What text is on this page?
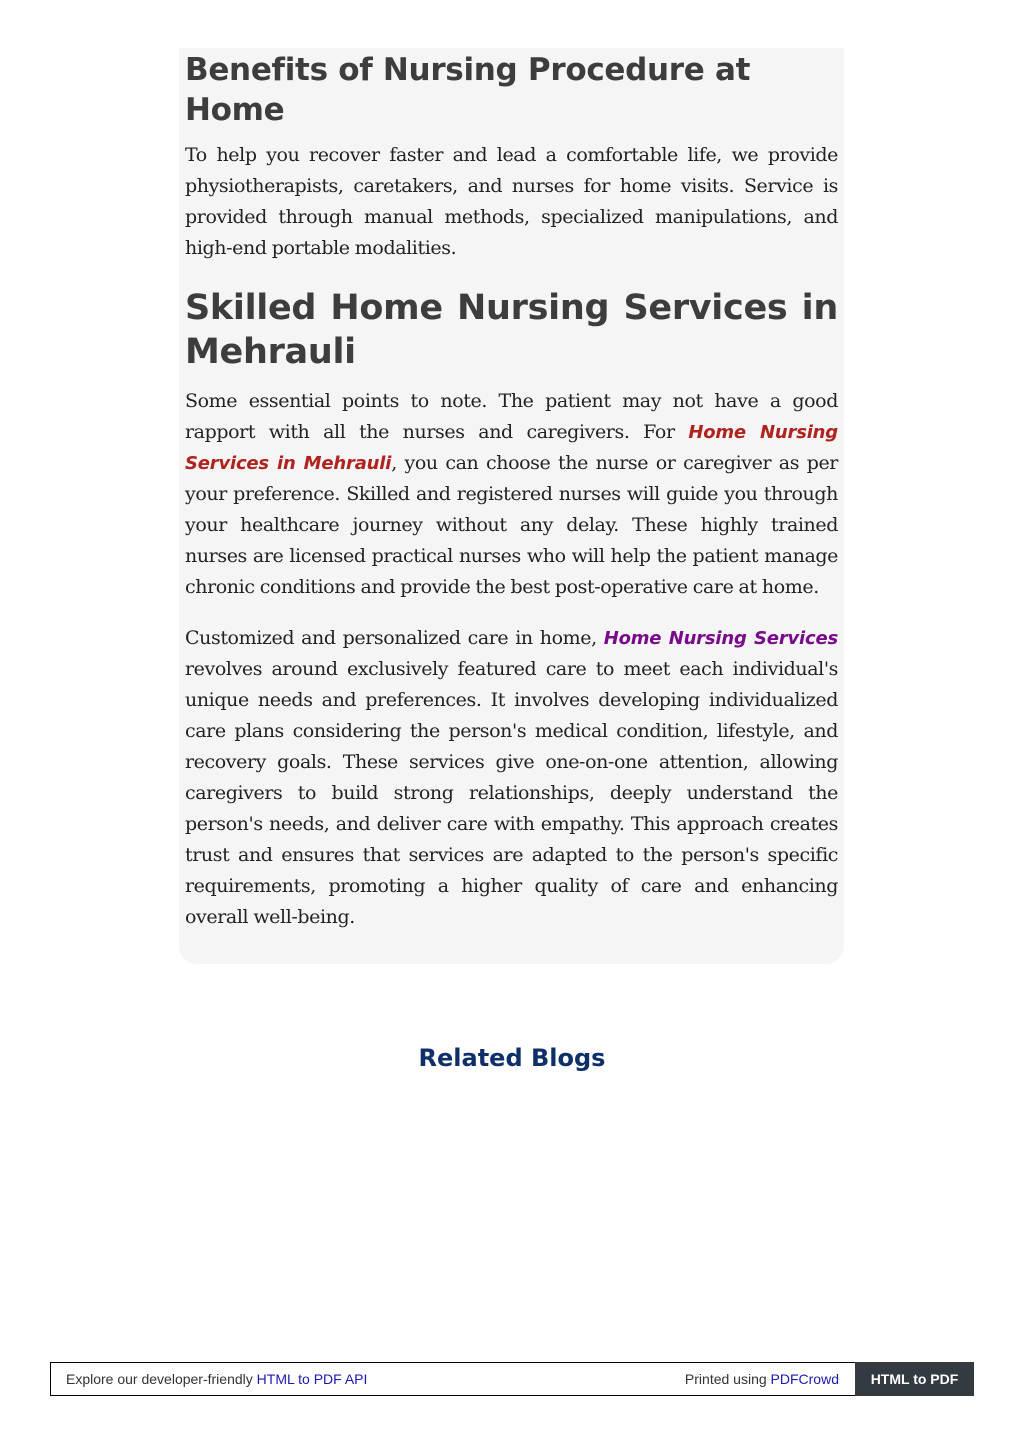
Benefits of Nursing Procedure at Home

To help you recover faster and lead a comfortable life, we provide physiotherapists, caretakers, and nurses for home visits. Service is provided through manual methods, specialized manipulations, and high-end portable modalities.

Skilled Home Nursing Services in Mehrauli

Some essential points to note. The patient may not have a good rapport with all the nurses and caregivers. For Home Nursing Services in Mehrauli, you can choose the nurse or caregiver as per your preference. Skilled and registered nurses will guide you through your healthcare journey without any delay. These highly trained nurses are licensed practical nurses who will help the patient manage chronic conditions and provide the best post-operative care at home.

Customized and personalized care in home, Home Nursing Services revolves around exclusively featured care to meet each individual's unique needs and preferences. It involves developing individualized care plans considering the person's medical condition, lifestyle, and recovery goals. These services give one-on-one attention, allowing caregivers to build strong relationships, deeply understand the person's needs, and deliver care with empathy. This approach creates trust and ensures that services are adapted to the person's specific requirements, promoting a higher quality of care and enhancing overall well-being.

Related Blogs
Explore our developer-friendly HTML to PDF API	Printed using PDFCrowd	HTML to PDF
